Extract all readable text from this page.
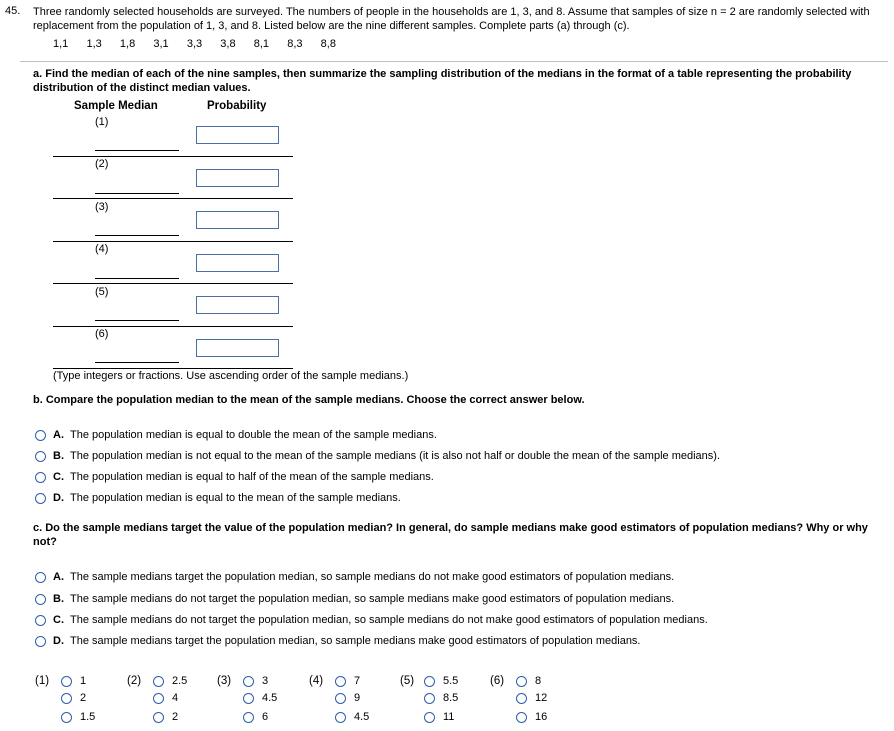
45. Three randomly selected households are surveyed. The numbers of people in the households are 1, 3, and 8. Assume that samples of size n = 2 are randomly selected with replacement from the population of 1, 3, and 8. Listed below are the nine different samples. Complete parts (a) through (c).
1,1   1,3   1,8   3,1   3,3   3,8   8,1   8,3   8,8
a. Find the median of each of the nine samples, then summarize the sampling distribution of the medians in the format of a table representing the probability distribution of the distinct median values.
Sample Median	Probability
(1)
(2)
(3)
(4)
(5)
(6)
(Type integers or fractions. Use ascending order of the sample medians.)
b. Compare the population median to the mean of the sample medians. Choose the correct answer below.
A. The population median is equal to double the mean of the sample medians.
B. The population median is not equal to the mean of the sample medians (it is also not half or double the mean of the sample medians).
C. The population median is equal to half of the mean of the sample medians.
D. The population median is equal to the mean of the sample medians.
c. Do the sample medians target the value of the population median? In general, do sample medians make good estimators of population medians? Why or why not?
A. The sample medians target the population median, so sample medians do not make good estimators of population medians.
B. The sample medians do not target the population median, so sample medians make good estimators of population medians.
C. The sample medians do not target the population median, so sample medians do not make good estimators of population medians.
D. The sample medians target the population median, so sample medians make good estimators of population medians.
(1)	1
2
1.5
(2)	2.5
4
2
(3)	3
4.5
6
(4)	7
9
4.5
(5)	5.5
8.5
11
(6)	8
12
16
